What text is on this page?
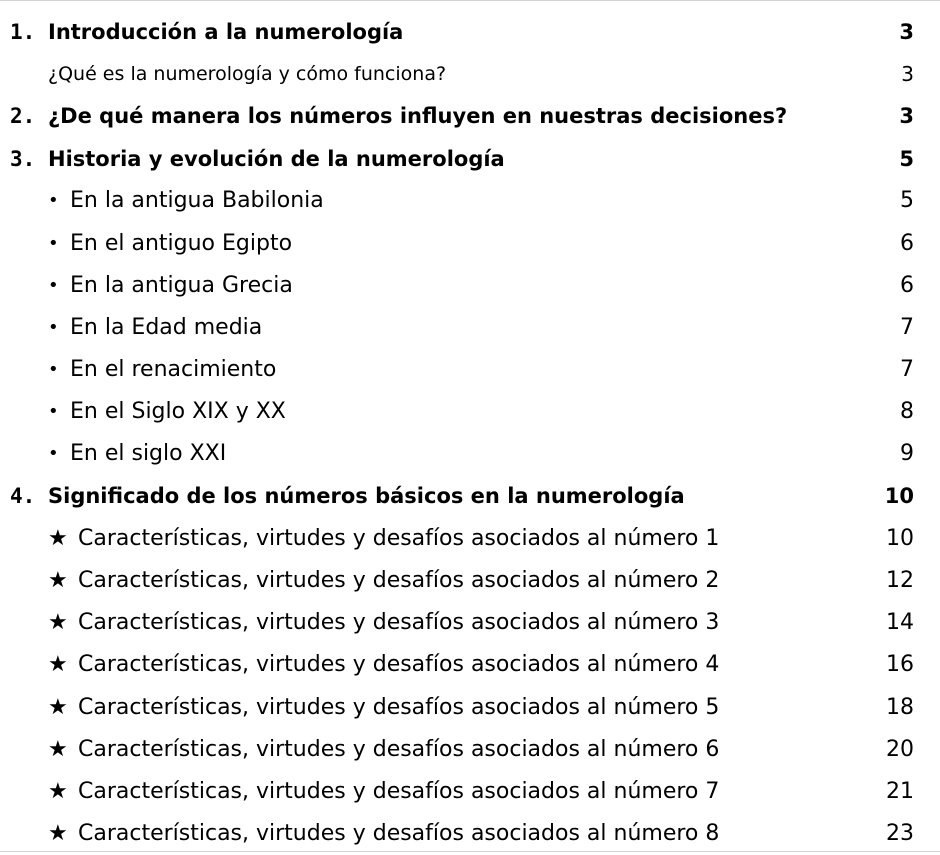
1. Introducción a la numerología	3
¿Qué es la numerología y cómo funciona?	3
2. ¿De qué manera los números influyen en nuestras decisiones?	3
3. Historia y evolución de la numerología	5
• En la antigua Babilonia	5
• En el antiguo Egipto	6
• En la antigua Grecia	6
• En la Edad media	7
• En el renacimiento	7
• En el Siglo XIX y XX	8
• En el siglo XXI	9
4. Significado de los números básicos en la numerología	10
★ Características, virtudes y desafíos asociados al número 1	10
★ Características, virtudes y desafíos asociados al número 2	12
★ Características, virtudes y desafíos asociados al número 3	14
★ Características, virtudes y desafíos asociados al número 4	16
★ Características, virtudes y desafíos asociados al número 5	18
★ Características, virtudes y desafíos asociados al número 6	20
★ Características, virtudes y desafíos asociados al número 7	21
★ Características, virtudes y desafíos asociados al número 8	23
